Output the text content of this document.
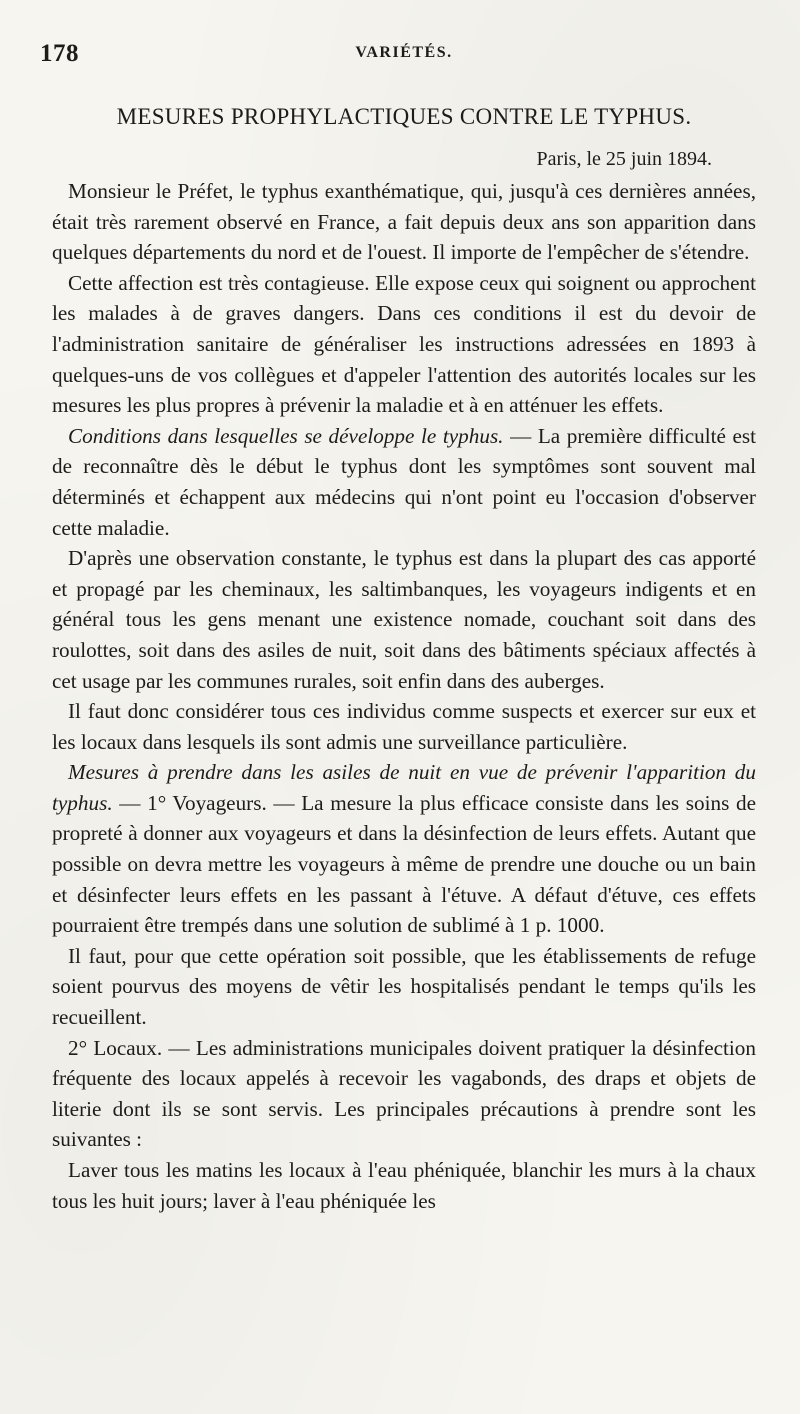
178	VARIÉTÉS.
MESURES PROPHYLACTIQUES CONTRE LE TYPHUS.
Paris, le 25 juin 1894.

Monsieur le Préfet, le typhus exanthématique, qui, jusqu'à ces dernières années, était très rarement observé en France, a fait depuis deux ans son apparition dans quelques départements du nord et de l'ouest. Il importe de l'empêcher de s'étendre.

Cette affection est très contagieuse. Elle expose ceux qui soignent ou approchent les malades à de graves dangers. Dans ces conditions il est du devoir de l'administration sanitaire de généraliser les instructions adressées en 1893 à quelques-uns de vos collègues et d'appeler l'attention des autorités locales sur les mesures les plus propres à prévenir la maladie et à en atténuer les effets.

Conditions dans lesquelles se développe le typhus. — La première difficulté est de reconnaître dès le début le typhus dont les symptômes sont souvent mal déterminés et échappent aux médecins qui n'ont point eu l'occasion d'observer cette maladie.

D'après une observation constante, le typhus est dans la plupart des cas apporté et propagé par les cheminaux, les saltimbanques, les voyageurs indigents et en général tous les gens menant une existence nomade, couchant soit dans des roulottes, soit dans des asiles de nuit, soit dans des bâtiments spéciaux affectés à cet usage par les communes rurales, soit enfin dans des auberges.

Il faut donc considérer tous ces individus comme suspects et exercer sur eux et les locaux dans lesquels ils sont admis une surveillance particulière.

Mesures à prendre dans les asiles de nuit en vue de prévenir l'apparition du typhus. — 1° Voyageurs. — La mesure la plus efficace consiste dans les soins de propreté à donner aux voyageurs et dans la désinfection de leurs effets. Autant que possible on devra mettre les voyageurs à même de prendre une douche ou un bain et désinfecter leurs effets en les passant à l'étuve. A défaut d'étuve, ces effets pourraient être trempés dans une solution de sublimé à 1 p. 1000.

Il faut, pour que cette opération soit possible, que les établissements de refuge soient pourvus des moyens de vêtir les hospitalisés pendant le temps qu'ils les recueillent.

2° Locaux. — Les administrations municipales doivent pratiquer la désinfection fréquente des locaux appelés à recevoir les vagabonds, des draps et objets de literie dont ils se sont servis. Les principales précautions à prendre sont les suivantes :

Laver tous les matins les locaux à l'eau phéniquée, blanchir les murs à la chaux tous les huit jours; laver à l'eau phéniquée les
